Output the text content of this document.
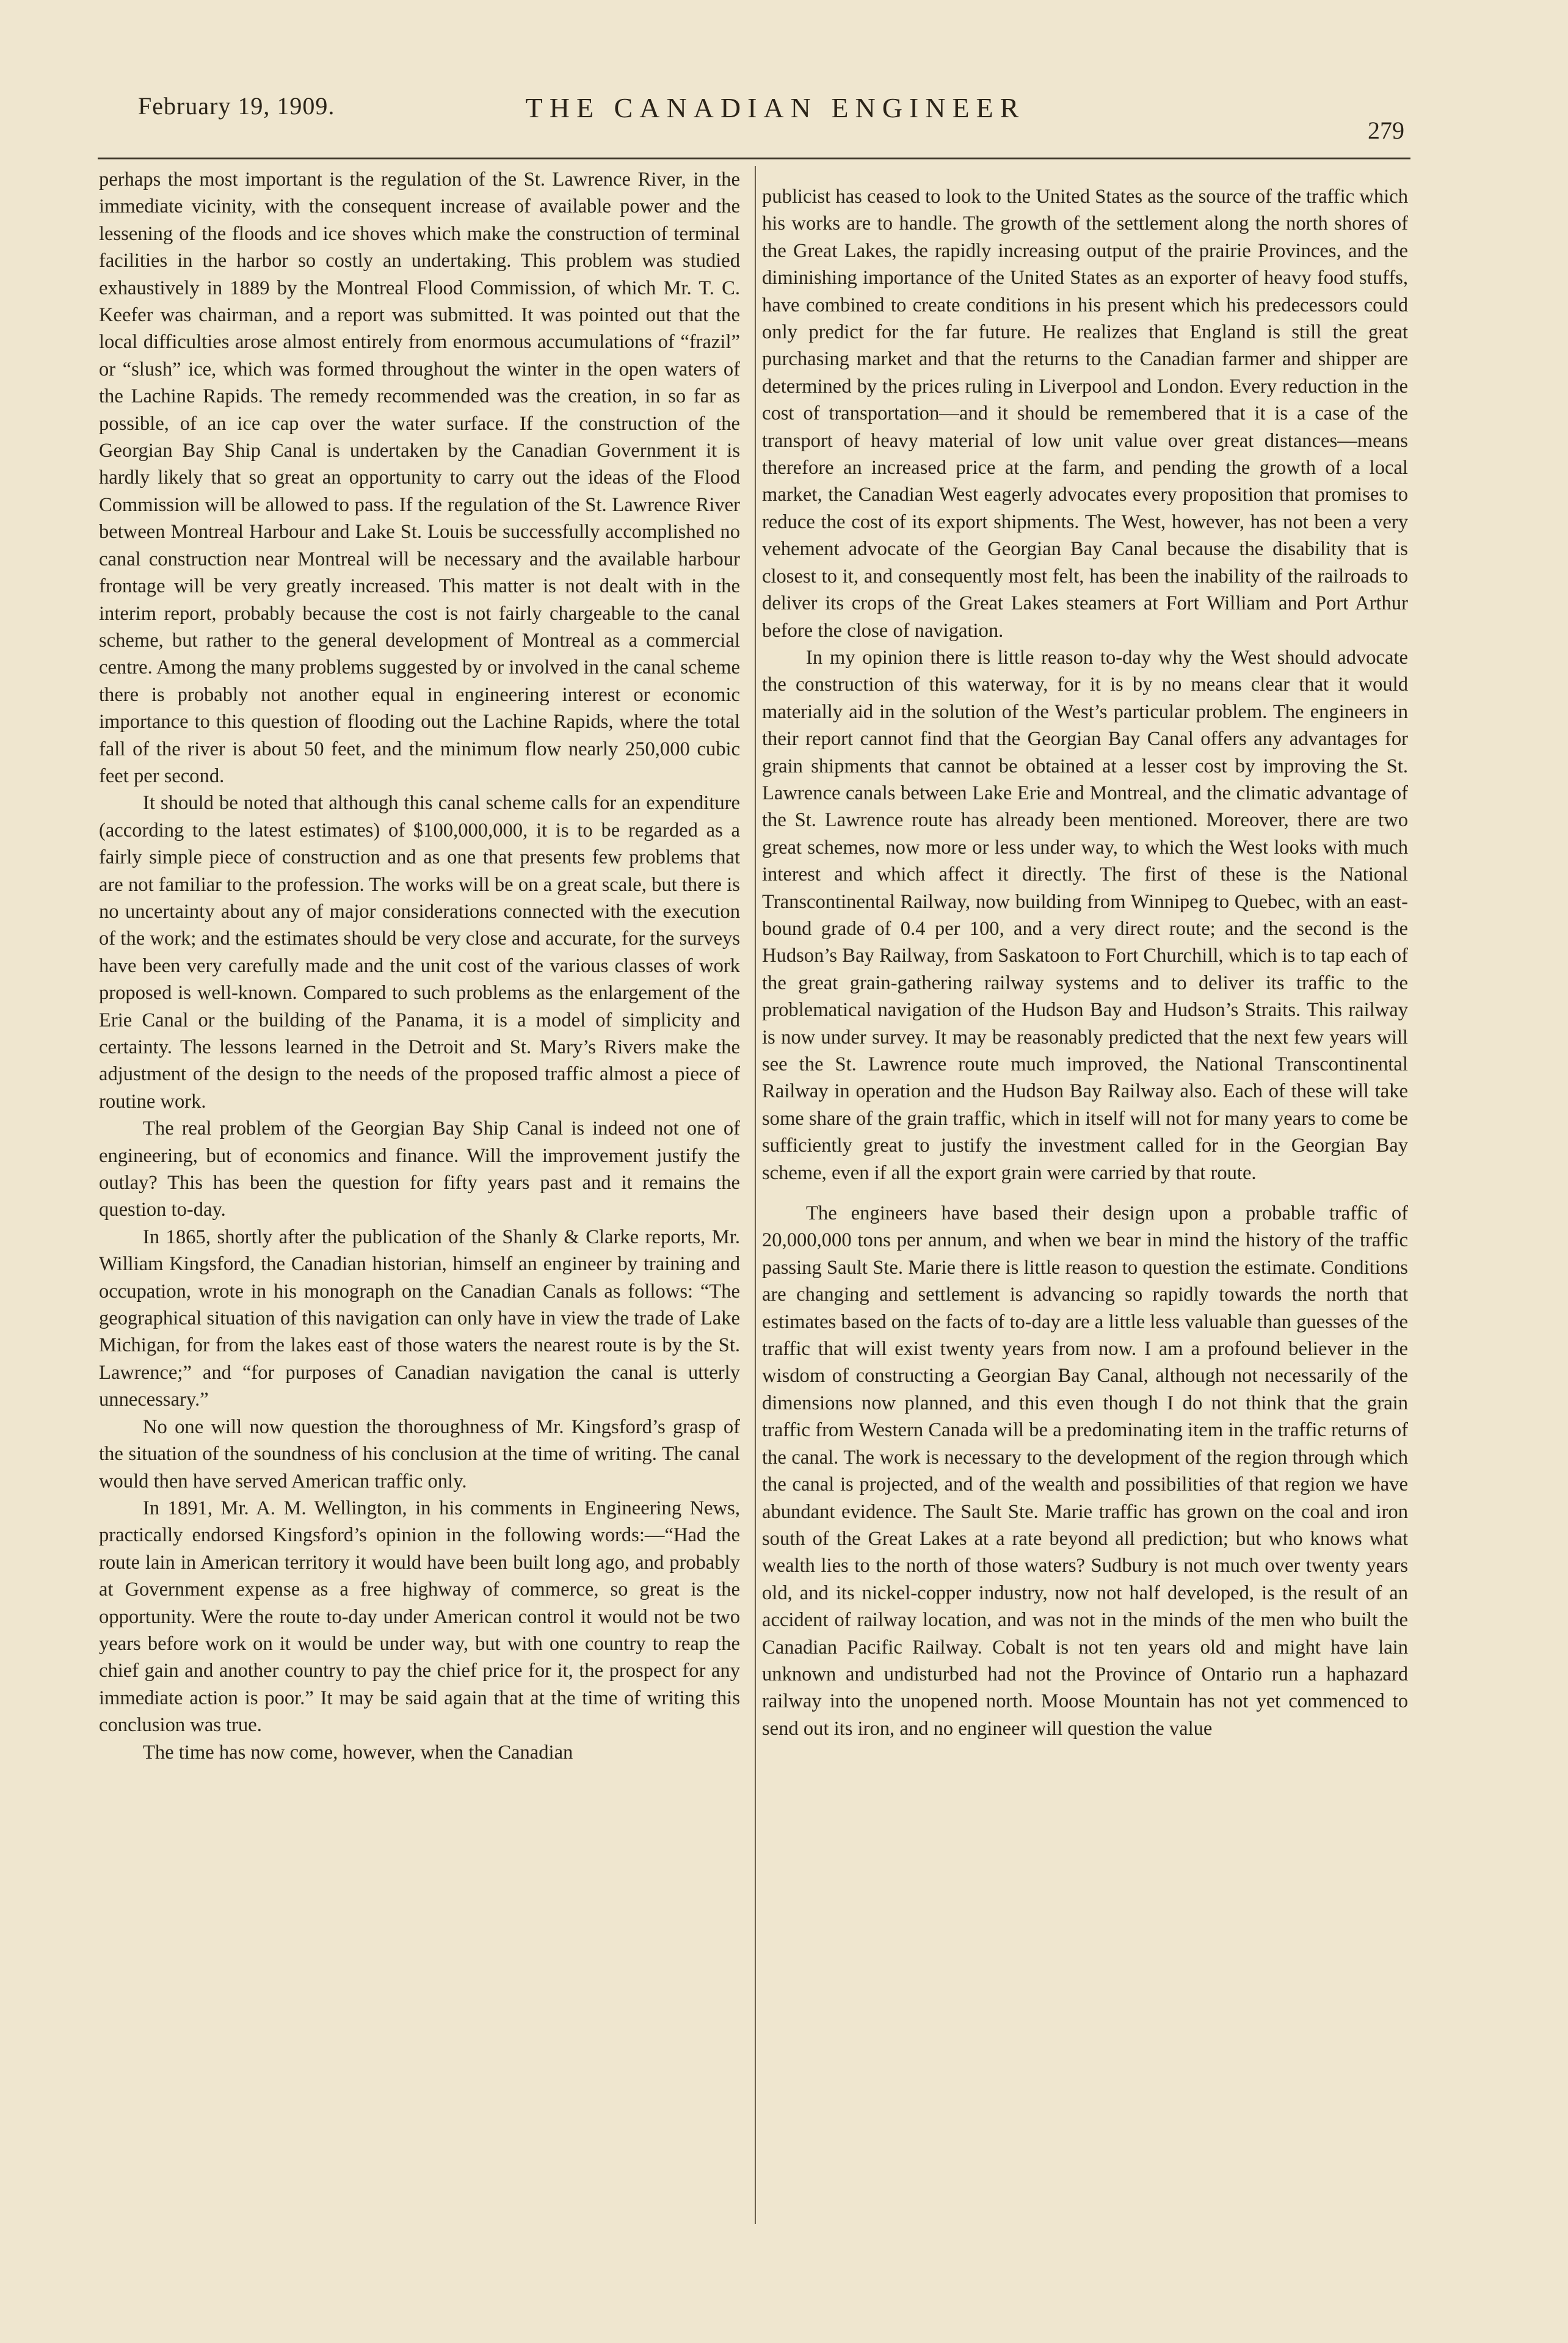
February 19, 1909.	THE CANADIAN ENGINEER
279

perhaps the most important is the regulation of the St. Lawrence River, in the immediate vicinity, with the consequent increase of available power and the lessening of the floods and ice shoves which make the construction of terminal facilities in the harbor so costly an undertaking. This problem was studied exhaustively in 1889 by the Montreal Flood Commission, of which Mr. T. C. Keefer was chairman, and a report was submitted. It was pointed out that the local difficulties arose almost entirely from enormous accumulations of “frazil” or “slush” ice, which was formed throughout the winter in the open waters of the Lachine Rapids. The remedy recommended was the creation, in so far as possible, of an ice cap over the water surface. If the construction of the Georgian Bay Ship Canal is undertaken by the Canadian Government it is hardly likely that so great an opportunity to carry out the ideas of the Flood Commission will be allowed to pass. If the regulation of the St. Lawrence River between Montreal Harbour and Lake St. Louis be successfully accomplished no canal construction near Montreal will be necessary and the available harbour frontage will be very greatly increased. This matter is not dealt with in the interim report, probably because the cost is not fairly chargeable to the canal scheme, but rather to the general development of Montreal as a commercial centre. Among the many problems suggested by or involved in the canal scheme there is probably not another equal in engineering interest or economic importance to this question of flooding out the Lachine Rapids, where the total fall of the river is about 50 feet, and the minimum flow nearly 250,000 cubic feet per second.

It should be noted that although this canal scheme calls for an expenditure (according to the latest estimates) of $100,000,000, it is to be regarded as a fairly simple piece of construction and as one that presents few problems that are not familiar to the profession. The works will be on a great scale, but there is no uncertainty about any of major considerations connected with the execution of the work; and the estimates should be very close and accurate, for the surveys have been very carefully made and the unit cost of the various classes of work proposed is well-known. Compared to such problems as the enlargement of the Erie Canal or the building of the Panama, it is a model of simplicity and certainty. The lessons learned in the Detroit and St. Mary’s Rivers make the adjustment of the design to the needs of the proposed traffic almost a piece of routine work.

The real problem of the Georgian Bay Ship Canal is indeed not one of engineering, but of economics and finance. Will the improvement justify the outlay? This has been the question for fifty years past and it remains the question to-day.

In 1865, shortly after the publication of the Shanly & Clarke reports, Mr. William Kingsford, the Canadian historian, himself an engineer by training and occupation, wrote in his monograph on the Canadian Canals as follows: “The geographical situation of this navigation can only have in view the trade of Lake Michigan, for from the lakes east of those waters the nearest route is by the St. Lawrence;” and “for purposes of Canadian navigation the canal is utterly unnecessary.”

No one will now question the thoroughness of Mr. Kingsford’s grasp of the situation of the soundness of his conclusion at the time of writing. The canal would then have served American traffic only.

In 1891, Mr. A. M. Wellington, in his comments in Engineering News, practically endorsed Kingsford’s opinion in the following words:—“Had the route lain in American territory it would have been built long ago, and probably at Government expense as a free highway of commerce, so great is the opportunity. Were the route to-day under American control it would not be two years before work on it would be under way, but with one country to reap the chief gain and another country to pay the chief price for it, the prospect for any immediate action is poor.” It may be said again that at the time of writing this conclusion was true.

The time has now come, however, when the Canadian

publicist has ceased to look to the United States as the source of the traffic which his works are to handle. The growth of the settlement along the north shores of the Great Lakes, the rapidly increasing output of the prairie Provinces, and the diminishing importance of the United States as an exporter of heavy food stuffs, have combined to create conditions in his present which his predecessors could only predict for the far future. He realizes that England is still the great purchasing market and that the returns to the Canadian farmer and shipper are determined by the prices ruling in Liverpool and London. Every reduction in the cost of transportation—and it should be remembered that it is a case of the transport of heavy material of low unit value over great distances—means therefore an increased price at the farm, and pending the growth of a local market, the Canadian West eagerly advocates every proposition that promises to reduce the cost of its export shipments. The West, however, has not been a very vehement advocate of the Georgian Bay Canal because the disability that is closest to it, and consequently most felt, has been the inability of the railroads to deliver its crops of the Great Lakes steamers at Fort William and Port Arthur before the close of navigation.

In my opinion there is little reason to-day why the West should advocate the construction of this waterway, for it is by no means clear that it would materially aid in the solution of the West’s particular problem. The engineers in their report cannot find that the Georgian Bay Canal offers any advantages for grain shipments that cannot be obtained at a lesser cost by improving the St. Lawrence canals between Lake Erie and Montreal, and the climatic advantage of the St. Lawrence route has already been mentioned. Moreover, there are two great schemes, now more or less under way, to which the West looks with much interest and which affect it directly. The first of these is the National Transcontinental Railway, now building from Winnipeg to Quebec, with an east-bound grade of 0.4 per 100, and a very direct route; and the second is the Hudson’s Bay Railway, from Saskatoon to Fort Churchill, which is to tap each of the great grain-gathering railway systems and to deliver its traffic to the problematical navigation of the Hudson Bay and Hudson’s Straits. This railway is now under survey. It may be reasonably predicted that the next few years will see the St. Lawrence route much improved, the National Transcontinental Railway in operation and the Hudson Bay Railway also. Each of these will take some share of the grain traffic, which in itself will not for many years to come be sufficiently great to justify the investment called for in the Georgian Bay scheme, even if all the export grain were carried by that route.

The engineers have based their design upon a probable traffic of 20,000,000 tons per annum, and when we bear in mind the history of the traffic passing Sault Ste. Marie there is little reason to question the estimate. Conditions are changing and settlement is advancing so rapidly towards the north that estimates based on the facts of to-day are a little less valuable than guesses of the traffic that will exist twenty years from now. I am a profound believer in the wisdom of constructing a Georgian Bay Canal, although not necessarily of the dimensions now planned, and this even though I do not think that the grain traffic from Western Canada will be a predominating item in the traffic returns of the canal. The work is necessary to the development of the region through which the canal is projected, and of the wealth and possibilities of that region we have abundant evidence. The Sault Ste. Marie traffic has grown on the coal and iron south of the Great Lakes at a rate beyond all prediction; but who knows what wealth lies to the north of those waters? Sudbury is not much over twenty years old, and its nickel-copper industry, now not half developed, is the result of an accident of railway location, and was not in the minds of the men who built the Canadian Pacific Railway. Cobalt is not ten years old and might have lain unknown and undisturbed had not the Province of Ontario run a haphazard railway into the unopened north. Moose Mountain has not yet commenced to send out its iron, and no engineer will question the value
